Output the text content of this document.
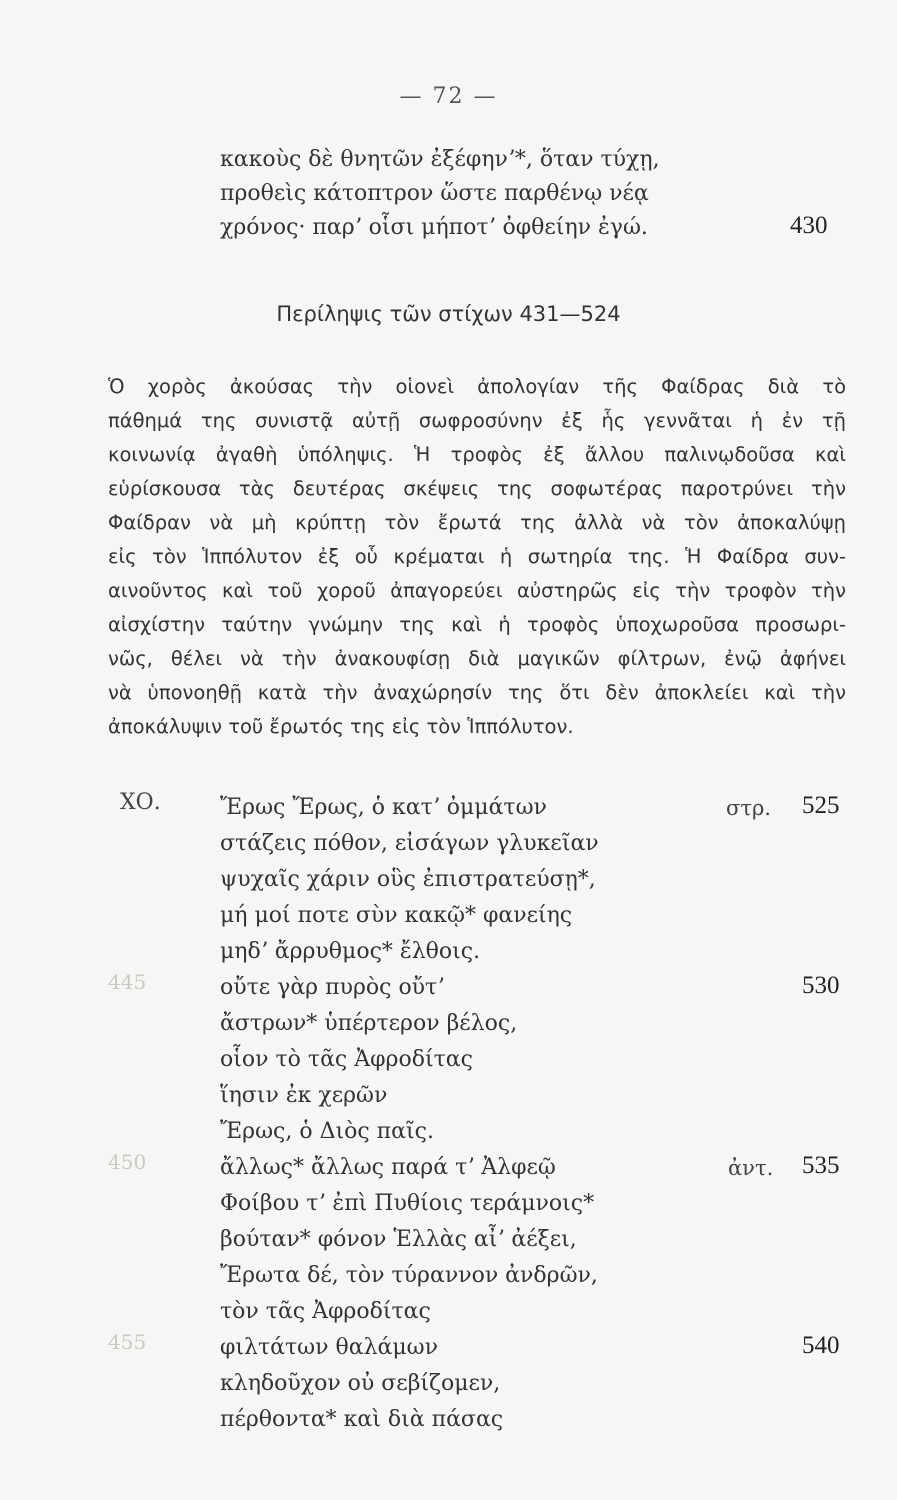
— 72 —
κακοὺς δὲ θνητῶν ἐξέφηνʼ*, ὅταν τύχῃ,
προθεὶς κάτοπτρον ὥστε παρθένῳ νέᾳ
χρόνος· παρʼ οἷσι μήποτʼ ὀφθείην ἐγώ.	430
Περίληψις τῶν στίχων 431—524
Ὁ χορὸς ἀκούσας τὴν οἱονεὶ ἀπολογίαν τῆς Φαίδρας διὰ τὸ
πάθημά της συνιστᾷ αὐτῇ σωφροσύνην ἐξ ἧς γεννᾶται ἡ ἐν τῇ
κοινωνίᾳ ἀγαθὴ ὑπόληψις. Ἡ τροφὸς ἐξ ἄλλου παλινῳδοῦσα καὶ
εὑρίσκουσα τὰς δευτέρας σκέψεις της σοφωτέρας παροτρύνει τὴν
Φαίδραν νὰ μὴ κρύπτῃ τὸν ἔρωτά της ἀλλὰ νὰ τὸν ἀποκαλύψῃ
εἰς τὸν Ἱππόλυτον ἐξ οὗ κρέμαται ἡ σωτηρία της. Ἡ Φαίδρα συν-
αινοῦντος καὶ τοῦ χοροῦ ἀπαγορεύει αὐστηρῶς εἰς τὴν τροφὸν τὴν
αἰσχίστην ταύτην γνώμην της καὶ ἡ τροφὸς ὑποχωροῦσα προσωρι-
νῶς, θέλει νὰ τὴν ἀνακουφίσῃ διὰ μαγικῶν φίλτρων, ἐνῷ ἀφήνει
νὰ ὑπονοηθῇ κατὰ τὴν ἀναχώρησίν της ὅτι δὲν ἀποκλείει καὶ τὴν
ἀποκάλυψιν τοῦ ἔρωτός της εἰς τὸν Ἱππόλυτον.
ΧΟ.	Ἔρως Ἔρως, ὁ κατʼ ὀμμάτων
στάζεις πόθον, εἰσάγων γλυκεῖαν
ψυχαῖς χάριν οὓς ἐπιστρατεύσῃ*,
μή μοί ποτε σὺν κακῷ* φανείης
μηδʼ ἄρρυθμος* ἔλθοις.
οὔτε γὰρ πυρὸς οὔτʼ
ἄστρων* ὑπέρτερον βέλος,
οἷον τὸ τᾶς Ἀφροδίτας
ἵησιν ἐκ χερῶν
Ἔρως, ὁ Διὸς παῖς.
ἄλλως* ἄλλως παρά τʼ Ἀλφεῷ
Φοίβου τʼ ἐπὶ Πυθίοις τεράμνοις*
βούταν* φόνον Ἑλλὰς αἶʼ ἀέξει,
Ἔρωτα δέ, τὸν τύραννον ἀνδρῶν,
τὸν τᾶς Ἀφροδίτας
φιλτάτων θαλάμων
κληδοῦχον οὐ σεβίζομεν,
πέρθοντα* καὶ διὰ πάσας
στρ.
ἀντ.
525
530
535
540
445
450
455
